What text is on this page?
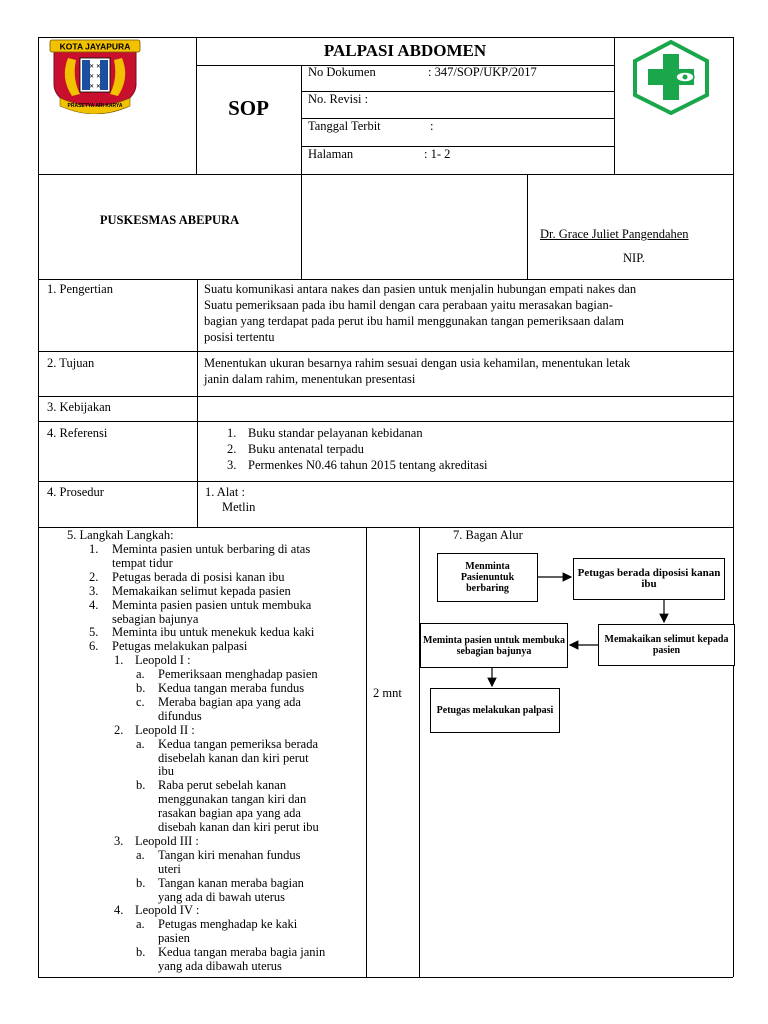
KOTA JAYAPURA
✕ ✕
✕ ✕
✕ ✕
PRASETYA ARI KARYA
PALPASI ABDOMEN
SOP
No Dokumen	: 347/SOP/UKP/2017
No. Revisi :
Tanggal Terbit	:
Halaman	: 1- 2
PUSKESMAS ABEPURA
Dr. Grace Juliet Pangendahen
NIP.
1. Pengertian	Suatu komunikasi antara nakes dan pasien untuk menjalin hubungan empati nakes dan
Suatu pemeriksaan pada ibu hamil dengan cara perabaan yaitu merasakan bagian-
bagian yang terdapat pada perut ibu hamil menggunakan tangan pemeriksaan dalam
posisi tertentu
2. Tujuan	Menentukan ukuran besarnya rahim sesuai dengan usia kehamilan, menentukan letak
janin dalam rahim, menentukan presentasi
3. Kebijakan
4. Referensi	1. Buku standar pelayanan kebidanan
2. Buku antenatal terpadu
3. Permenkes N0.46 tahun 2015 tentang akreditasi
4. Prosedur	1. Alat :
Metlin
5. Langkah Langkah:
1. Meminta pasien untuk berbaring di atas
tempat tidur
2. Petugas berada di posisi kanan ibu
3. Memakaikan selimut kepada pasien
4. Meminta pasien pasien untuk membuka
sebagian bajunya
5. Meminta ibu untuk menekuk kedua kaki
6. Petugas melakukan palpasi
1. Leopold I :
a. Pemeriksaan menghadap pasien
b. Kedua tangan meraba fundus
c. Meraba bagian apa yang ada
difundus
2. Leopold II :
a. Kedua tangan pemeriksa berada
disebelah kanan dan kiri perut
ibu
b. Raba perut sebelah kanan
menggunakan tangan kiri dan
rasakan bagian apa yang ada
disebah kanan dan kiri perut ibu
3. Leopold III :
a. Tangan kiri menahan fundus
uteri
b. Tangan kanan meraba bagian
yang ada di bawah uterus
4. Leopold IV :
a. Petugas menghadap ke kaki
pasien
b. Kedua tangan meraba bagia janin
yang ada dibawah uterus
2 mnt
7. Bagan Alur
Menminta Pasienuntuk berbaring
Petugas berada diposisi kanan ibu
Memakaikan selimut kepada pasien
Meminta pasien untuk membuka sebagian bajunya
Petugas melakukan palpasi
